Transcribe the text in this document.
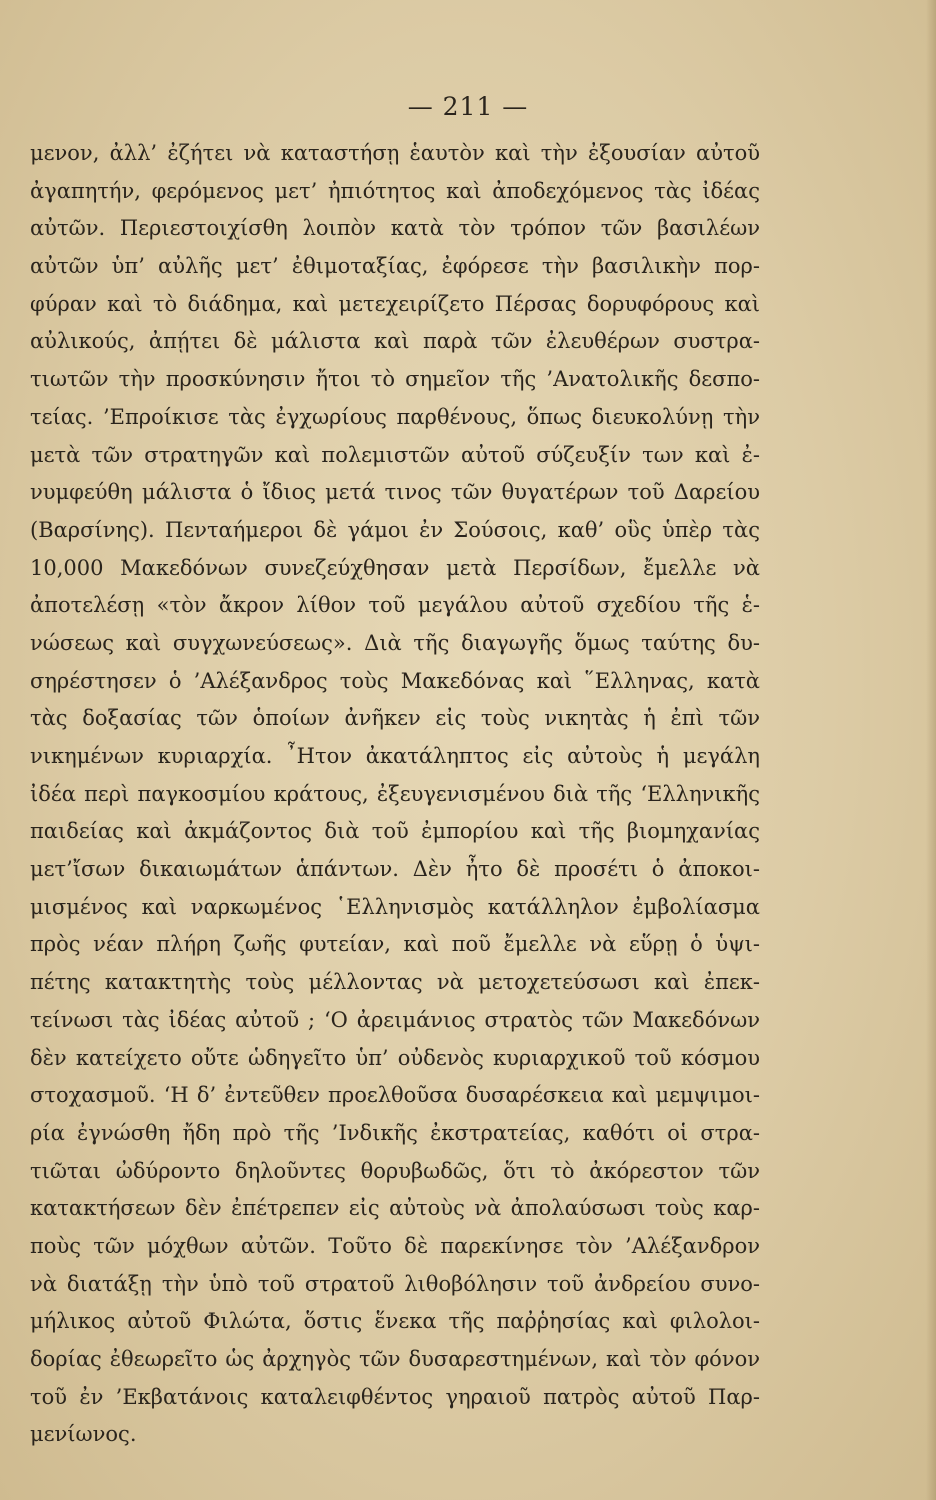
— 211 —
μενον, ἀλλ’ ἐζήτει νὰ καταστήσῃ ἑαυτὸν καὶ τὴν ἐξουσίαν αὐτοῦ
ἀγαπητήν, φερόμενος μετ’ ἠπιότητος καὶ ἀποδεχόμενος τὰς ἰδέας
αὐτῶν. Περιεστοιχίσθη λοιπὸν κατὰ τὸν τρόπον τῶν βασιλέων
αὐτῶν ὑπ’ αὐλῆς μετ’ ἐθιμοταξίας, ἐφόρεσε τὴν βασιλικὴν πορ-
φύραν καὶ τὸ διάδημα, καὶ μετεχειρίζετο Πέρσας δορυφόρους καὶ
αὐλικούς, ἀπῄτει δὲ μάλιστα καὶ παρὰ τῶν ἐλευθέρων συστρα-
τιωτῶν τὴν προσκύνησιν ἤτοι τὸ σημεῖον τῆς ’Ανατολικῆς δεσπο-
τείας. ’Επροίκισε τὰς ἐγχωρίους παρθένους, ὅπως διευκολύνῃ τὴν
μετὰ τῶν στρατηγῶν καὶ πολεμιστῶν αὐτοῦ σύζευξίν των καὶ ἐ-
νυμφεύθη μάλιστα ὁ ἴδιος μετά τινος τῶν θυγατέρων τοῦ Δαρείου
(Βαρσίνης). Πενταήμεροι δὲ γάμοι ἐν Σούσοις, καθ’ οὓς ὑπὲρ τὰς
10,000 Μακεδόνων συνεζεύχθησαν μετὰ Περσίδων, ἔμελλε νὰ
ἀποτελέσῃ «τὸν ἄκρον λίθον τοῦ μεγάλου αὐτοῦ σχεδίου τῆς ἑ-
νώσεως καὶ συγχωνεύσεως». Διὰ τῆς διαγωγῆς ὅμως ταύτης δυ-
σηρέστησεν ὁ ’Αλέξανδρος τοὺς Μακεδόνας καὶ ῞Ελληνας, κατὰ
τὰς δοξασίας τῶν ὁποίων ἀνῆκεν εἰς τοὺς νικητὰς ἡ ἐπὶ τῶν
νικημένων κυριαρχία. ῏Ητον ἀκατάληπτος εἰς αὐτοὺς ἡ μεγάλη
ἰδέα περὶ παγκοσμίου κράτους, ἐξευγενισμένου διὰ τῆς ‘Ελληνικῆς
παιδείας καὶ ἀκμάζοντος διὰ τοῦ ἐμπορίου καὶ τῆς βιομηχανίας
μετ’ἴσων δικαιωμάτων ἁπάντων. Δὲν ἦτο δὲ προσέτι ὁ ἀποκοι-
μισμένος καὶ ναρκωμένος ῾Ελληνισμὸς κατάλληλον ἐμβολίασμα
πρὸς νέαν πλήρη ζωῆς φυτείαν, καὶ ποῦ ἔμελλε νὰ εὕρῃ ὁ ὑψι-
πέτης κατακτητὴς τοὺς μέλλοντας νὰ μετοχετεύσωσι καὶ ἐπεκ-
τείνωσι τὰς ἰδέας αὐτοῦ ; ‘Ο ἀρειμάνιος στρατὸς τῶν Μακεδόνων
δὲν κατείχετο οὔτε ὡδηγεῖτο ὑπ’ οὐδενὸς κυριαρχικοῦ τοῦ κόσμου
στοχασμοῦ. ‘Η δ’ ἐντεῦθεν προελθοῦσα δυσαρέσκεια καὶ μεμψιμοι-
ρία ἐγνώσθη ἤδη πρὸ τῆς ’Ινδικῆς ἐκστρατείας, καθότι οἱ στρα-
τιῶται ὠδύροντο δηλοῦντες θορυβωδῶς, ὅτι τὸ ἀκόρεστον τῶν
κατακτήσεων δὲν ἐπέτρεπεν εἰς αὐτοὺς νὰ ἀπολαύσωσι τοὺς καρ-
ποὺς τῶν μόχθων αὐτῶν. Τοῦτο δὲ παρεκίνησε τὸν ’Αλέξανδρον
νὰ διατάξῃ τὴν ὑπὸ τοῦ στρατοῦ λιθοβόλησιν τοῦ ἀνδρείου συνο-
μήλικος αὐτοῦ Φιλώτα, ὅστις ἕνεκα τῆς παῤῥησίας καὶ φιλολοι-
δορίας ἐθεωρεῖτο ὡς ἀρχηγὸς τῶν δυσαρεστημένων, καὶ τὸν φόνον
τοῦ ἐν ’Εκβατάνοις καταλειφθέντος γηραιοῦ πατρὸς αὐτοῦ Παρ-
μενίωνος.
